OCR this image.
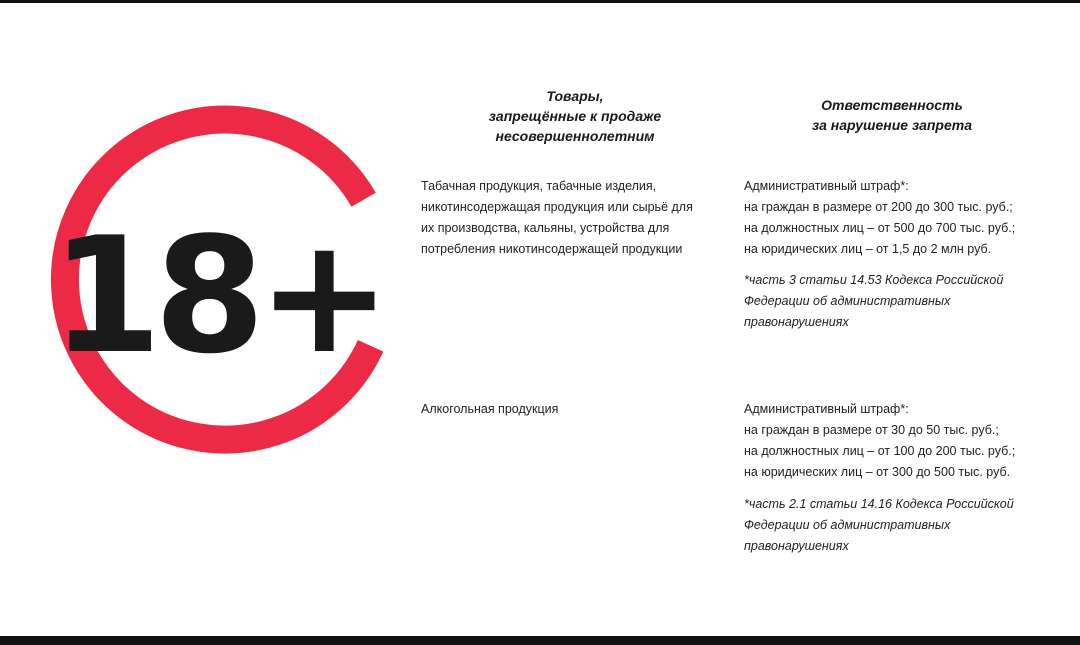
18+
Товары,
запрещённые к продаже
несовершеннолетним
Ответственность
за нарушение запрета
Табачная продукция, табачные изделия,
никотинсодержащая продукция или сырьё для
их производства, кальяны, устройства для
потребления никотинсодержащей продукции
Административный штраф*:
на граждан в размере от 200 до 300 тыс. руб.;
на должностных лиц – от 500 до 700 тыс. руб.;
на юридических лиц – от 1,5 до 2 млн руб.
*часть 3 статьи 14.53 Кодекса Российской
Федерации об административных
правонарушениях
Алкогольная продукция	Административный штраф*:
на граждан в размере от 30 до 50 тыс. руб.;
на должностных лиц – от 100 до 200 тыс. руб.;
на юридических лиц – от 300 до 500 тыс. руб.
*часть 2.1 статьи 14.16 Кодекса Российской
Федерации об административных
правонарушениях
